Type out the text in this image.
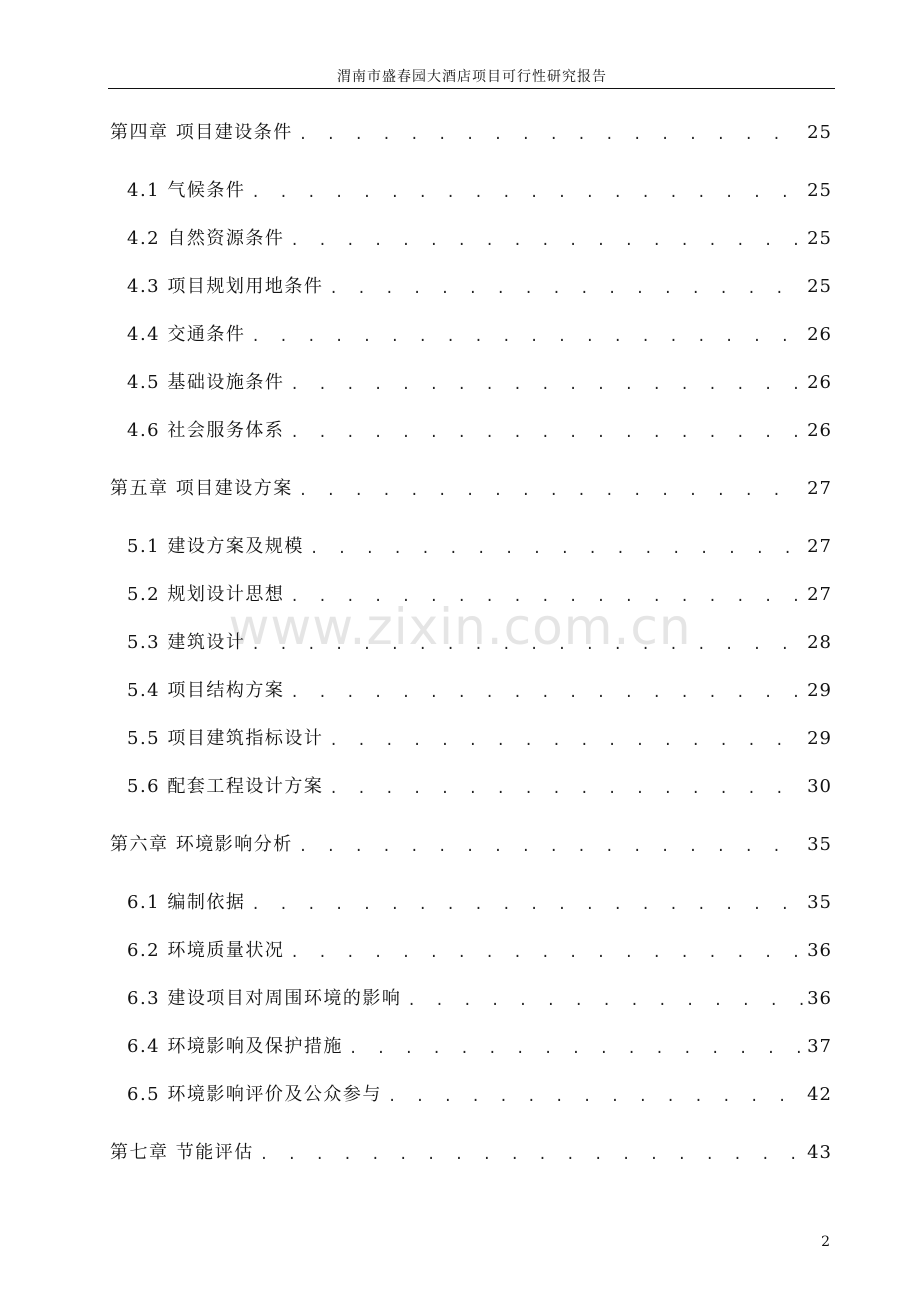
渭南市盛春园大酒店项目可行性研究报告
www.zixin.com.cn
第四章 项目建设条件 . . .	25
4.1 气候条件 . . .	25
4.2 自然资源条件 . . .	25
4.3 项目规划用地条件 . . .	25
4.4 交通条件 . . .	26
4.5 基础设施条件 . . .	26
4.6 社会服务体系 . . .	26
第五章 项目建设方案 . . .	27
5.1 建设方案及规模 . . .	27
5.2 规划设计思想 . . .	27
5.3 建筑设计 . . .	28
5.4 项目结构方案 . . .	29
5.5 项目建筑指标设计 . . .	29
5.6 配套工程设计方案 . . .	30
第六章 环境影响分析 . . .	35
6.1 编制依据 . . .	35
6.2 环境质量状况 . . .	36
6.3 建设项目对周围环境的影响 . . .	36
6.4 环境影响及保护措施 . . .	37
6.5 环境影响评价及公众参与 . . .	42
第七章 节能评估 . . .	43
2
